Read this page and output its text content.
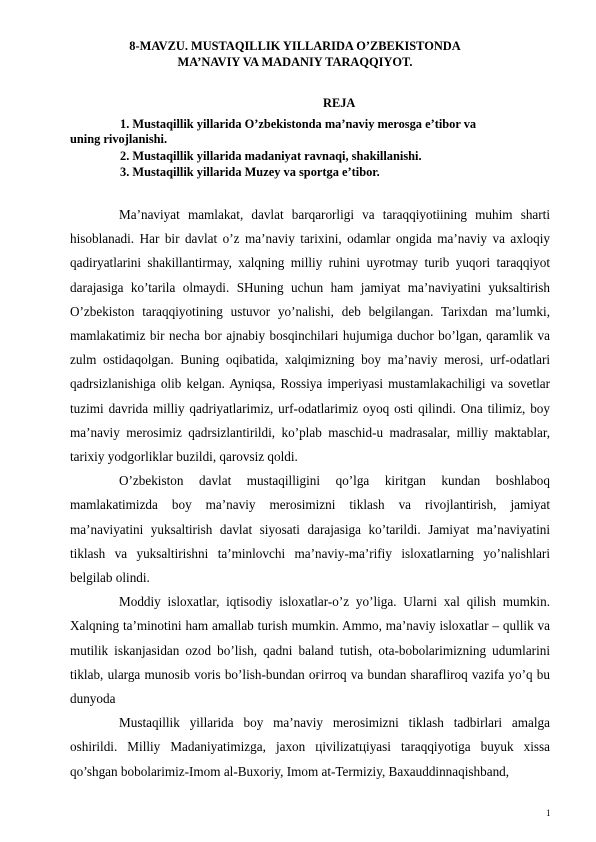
8-MAVZU. MUSTAQILLIK YILLARIDA O’ZBEKISTONDA
MA’NAVIY VA MADANIY TARAQQIYOT.
REJA
1. Mustaqillik yillarida O’zbekistonda ma’naviy merosga e’tibor va
uning rivojlanishi.
2. Mustaqillik yillarida madaniyat ravnaqi, shakillanishi.
3. Mustaqillik yillarida Muzey va sportga e’tibor.

Ma’naviyat mamlakat, davlat barqarorligi va taraqqiyotiining muhim sharti hisoblanadi. Har bir davlat o’z ma’naviy tarixini, odamlar ongida ma’naviy va axloqiy qadiryatlarini shakillantirmay, xalqning milliy ruhini uyғotmay turib yuqori taraqqiyot darajasiga ko’tarila olmaydi. SHuning uchun ham jamiyat ma’naviyatini yuksaltirish O’zbekiston taraqqiyotining ustuvor yo’nalishi, deb belgilangan. Tarixdan ma’lumki, mamlakatimiz bir necha bor ajnabiy bosqinchilari hujumiga duchor bo’lgan, qaramlik va zulm ostidaqolgan. Buning oqibatida, xalqimizning boy ma’naviy merosi, urf-odatlari qadrsizlanishiga olib kelgan. Ayniqsa, Rossiya imperiyasi mustamlakachiligi va sovetlar tuzimi davrida milliy qadriyatlarimiz, urf-odatlarimiz oyoq osti qilindi. Ona tilimiz, boy ma’naviy merosimiz qadrsizlantirildi, ko’plab maschid-u madrasalar, milliy maktablar, tarixiy yodgorliklar buzildi, qarovsiz qoldi.

O’zbekiston davlat mustaqilligini qo’lga kiritgan kundan boshlaboq mamlakatimizda boy ma’naviy merosimizni tiklash va rivojlantirish, jamiyat ma’naviyatini yuksaltirish davlat siyosati darajasiga ko’tarildi. Jamiyat ma’naviyatini tiklash va yuksaltirishni ta’minlovchi ma’naviy-ma’rifiy isloxatlarning yo’nalishlari belgilab olindi.

Moddiy isloxatlar, iqtisodiy isloxatlar-o’z yo’liga. Ularni xal qilish mumkin. Xalqning ta’minotini ham amallab turish mumkin. Ammo, ma’naviy isloxatlar – qullik va mutilik iskanjasidan ozod bo’lish, qadni baland tutish, ota-bobolarimizning udumlarini tiklab, ularga munosib voris bo’lish-bundan oғirroq va bundan sharafliroq vazifa yo’q bu dunyoda

Mustaqillik yillarida boy ma’naviy merosimizni tiklash tadbirlari amalga oshirildi. Milliy Madaniyatimizga, jaxon цivilizatцiyasi taraqqiyotiga buyuk xissa qo’shgan bobolarimiz-Imom al-Buxoriy, Imom at-Termiziy, Baxauddinnaqishband,

1
